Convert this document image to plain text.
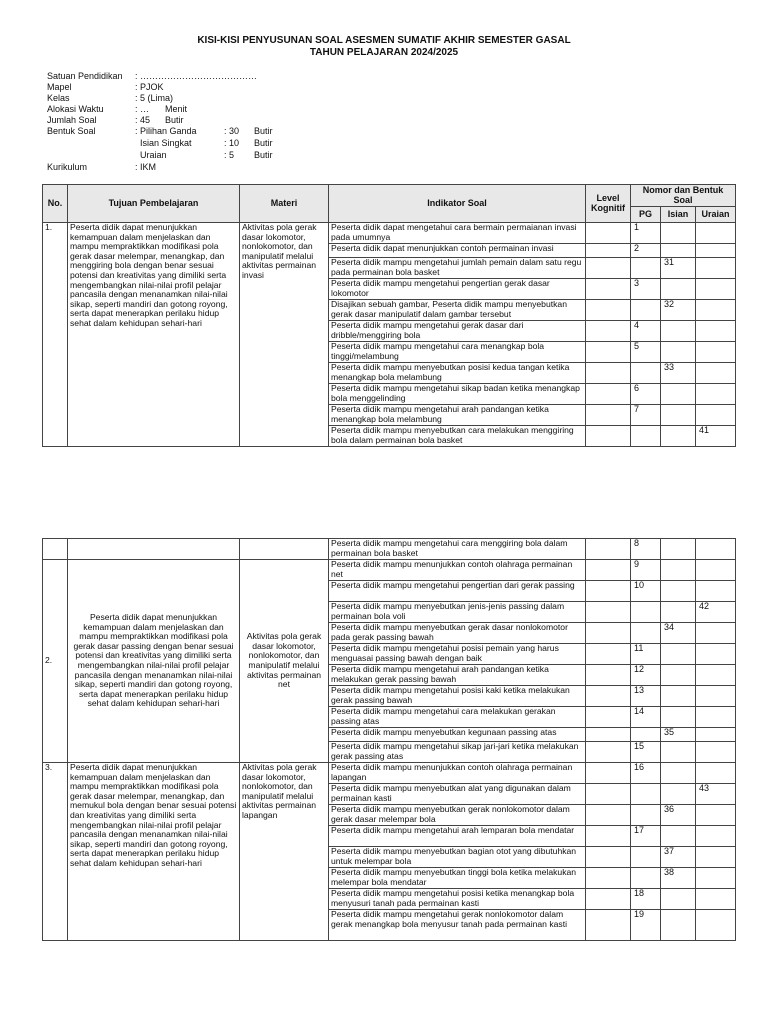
KISI-KISI PENYUSUNAN SOAL ASESMEN SUMATIF AKHIR SEMESTER GASAL
TAHUN PELAJARAN 2024/2025
Satuan Pendidikan : …………………………………
Mapel	: PJOK
Kelas	: 5 (Lima)
Alokasi Waktu	: … Menit
Jumlah Soal	: 45 Butir
Bentuk Soal	: Pilihan Ganda	: 30 Butir
Isian Singkat	: 10 Butir
Uraian	: 5 Butir
Kurikulum	: IKM
No.	Tujuan Pembelajaran	Materi	Indikator Soal	Level Kognitif	Nomor dan Bentuk Soal		
					PG	Isian	Uraian
1.	Peserta didik dapat menunjukkan kemampuan dalam menjelaskan dan mampu mempraktikkan modifikasi pola gerak dasar melempar, menangkap, dan menggiring bola dengan benar sesuai potensi dan kreativitas yang dimiliki serta mengembangkan nilai-nilai profil pelajar pancasila dengan menanamkan nilai-nilai sikap, seperti mandiri dan gotong royong, serta dapat menerapkan perilaku hidup sehat dalam kehidupan sehari-hari	Aktivitas pola gerak dasar lokomotor, nonlokomotor, dan manipulatif melalui aktivitas permainan invasi	Peserta didik dapat mengetahui cara bermain permaianan invasi pada umumnya		1		
			Peserta didik dapat menunjukkan contoh permainan invasi		2		
			Peserta didik mampu mengetahui jumlah pemain dalam satu regu pada permainan bola basket			31	
			Peserta didik mampu mengetahui pengertian gerak dasar lokomotor		3		
			Disajikan sebuah gambar, Peserta didik mampu menyebutkan gerak dasar manipulatif dalam gambar tersebut			32	
			Peserta didik mampu mengetahui gerak dasar dari dribble/menggiring bola		4		
			Peserta didik mampu mengetahui cara menangkap bola tinggi/melambung		5		
			Peserta didik mampu menyebutkan posisi kedua tangan ketika menangkap bola melambung			33	
			Peserta didik mampu mengetahui sikap badan ketika menangkap bola menggelinding		6		
			Peserta didik mampu mengetahui arah pandangan ketika menangkap bola melambung		7		
			Peserta didik mampu menyebutkan cara melakukan menggiring bola dalam permainan bola basket				41
			Peserta didik mampu mengetahui cara menggiring bola dalam permainan bola basket		8		
2.	Peserta didik dapat menunjukkan kemampuan dalam menjelaskan dan mampu mempraktikkan modifikasi pola gerak dasar passing dengan benar sesuai potensi dan kreativitas yang dimiliki serta mengembangkan nilai-nilai profil pelajar pancasila dengan menanamkan nilai-nilai sikap, seperti mandiri dan gotong royong, serta dapat menerapkan perilaku hidup sehat dalam kehidupan sehari-hari	Aktivitas pola gerak dasar lokomotor, nonlokomotor, dan manipulatif melalui aktivitas permainan net	Peserta didik mampu menunjukkan contoh olahraga permainan net		9		
			Peserta didik mampu mengetahui pengertian dari gerak passing		10		
			Peserta didik mampu menyebutkan jenis-jenis passing dalam permainan bola voli				42
			Peserta didik mampu menyebutkan gerak dasar nonlokomotor pada gerak passing bawah			34	
			Peserta didik mampu mengetahui posisi pemain yang harus menguasai passing bawah dengan baik		11		
			Peserta didik mampu mengetahui arah pandangan ketika melakukan gerak passing bawah		12		
			Peserta didik mampu mengetahui posisi kaki ketika melakukan gerak passing bawah		13		
			Peserta didik mampu mengetahui cara melakukan gerakan passing atas		14		
			Peserta didik mampu menyebutkan kegunaan passing atas			35	
			Peserta didik mampu mengetahui sikap jari-jari ketika melakukan gerak passing atas		15		
3.	Peserta didik dapat menunjukkan kemampuan dalam menjelaskan dan mampu mempraktikkan modifikasi pola gerak dasar melempar, menangkap, dan memukul bola dengan benar sesuai potensi dan kreativitas yang dimiliki serta mengembangkan nilai-nilai profil pelajar pancasila dengan menanamkan nilai-nilai sikap, seperti mandiri dan gotong royong, serta dapat menerapkan perilaku hidup sehat dalam kehidupan sehari-hari	Aktivitas pola gerak dasar lokomotor, nonlokomotor, dan manipulatif melalui aktivitas permainan lapangan	Peserta didik mampu menunjukkan contoh olahraga permainan lapangan		16		
			Peserta didik mampu menyebutkan alat yang digunakan dalam permainan kasti				43
			Peserta didik mampu menyebutkan gerak nonlokomotor dalam gerak dasar melempar bola			36	
			Peserta didik mampu mengetahui arah lemparan bola mendatar		17		
			Peserta didik mampu menyebutkan bagian otot yang dibutuhkan untuk melempar bola			37	
			Peserta didik mampu menyebutkan tinggi bola ketika melakukan melempar bola mendatar			38	
			Peserta didik mampu mengetahui posisi ketika menangkap bola menyusuri tanah pada permainan kasti		18		
			Peserta didik mampu mengetahui gerak nonlokomotor dalam gerak menangkap bola menyusur tanah pada permainan kasti		19		
